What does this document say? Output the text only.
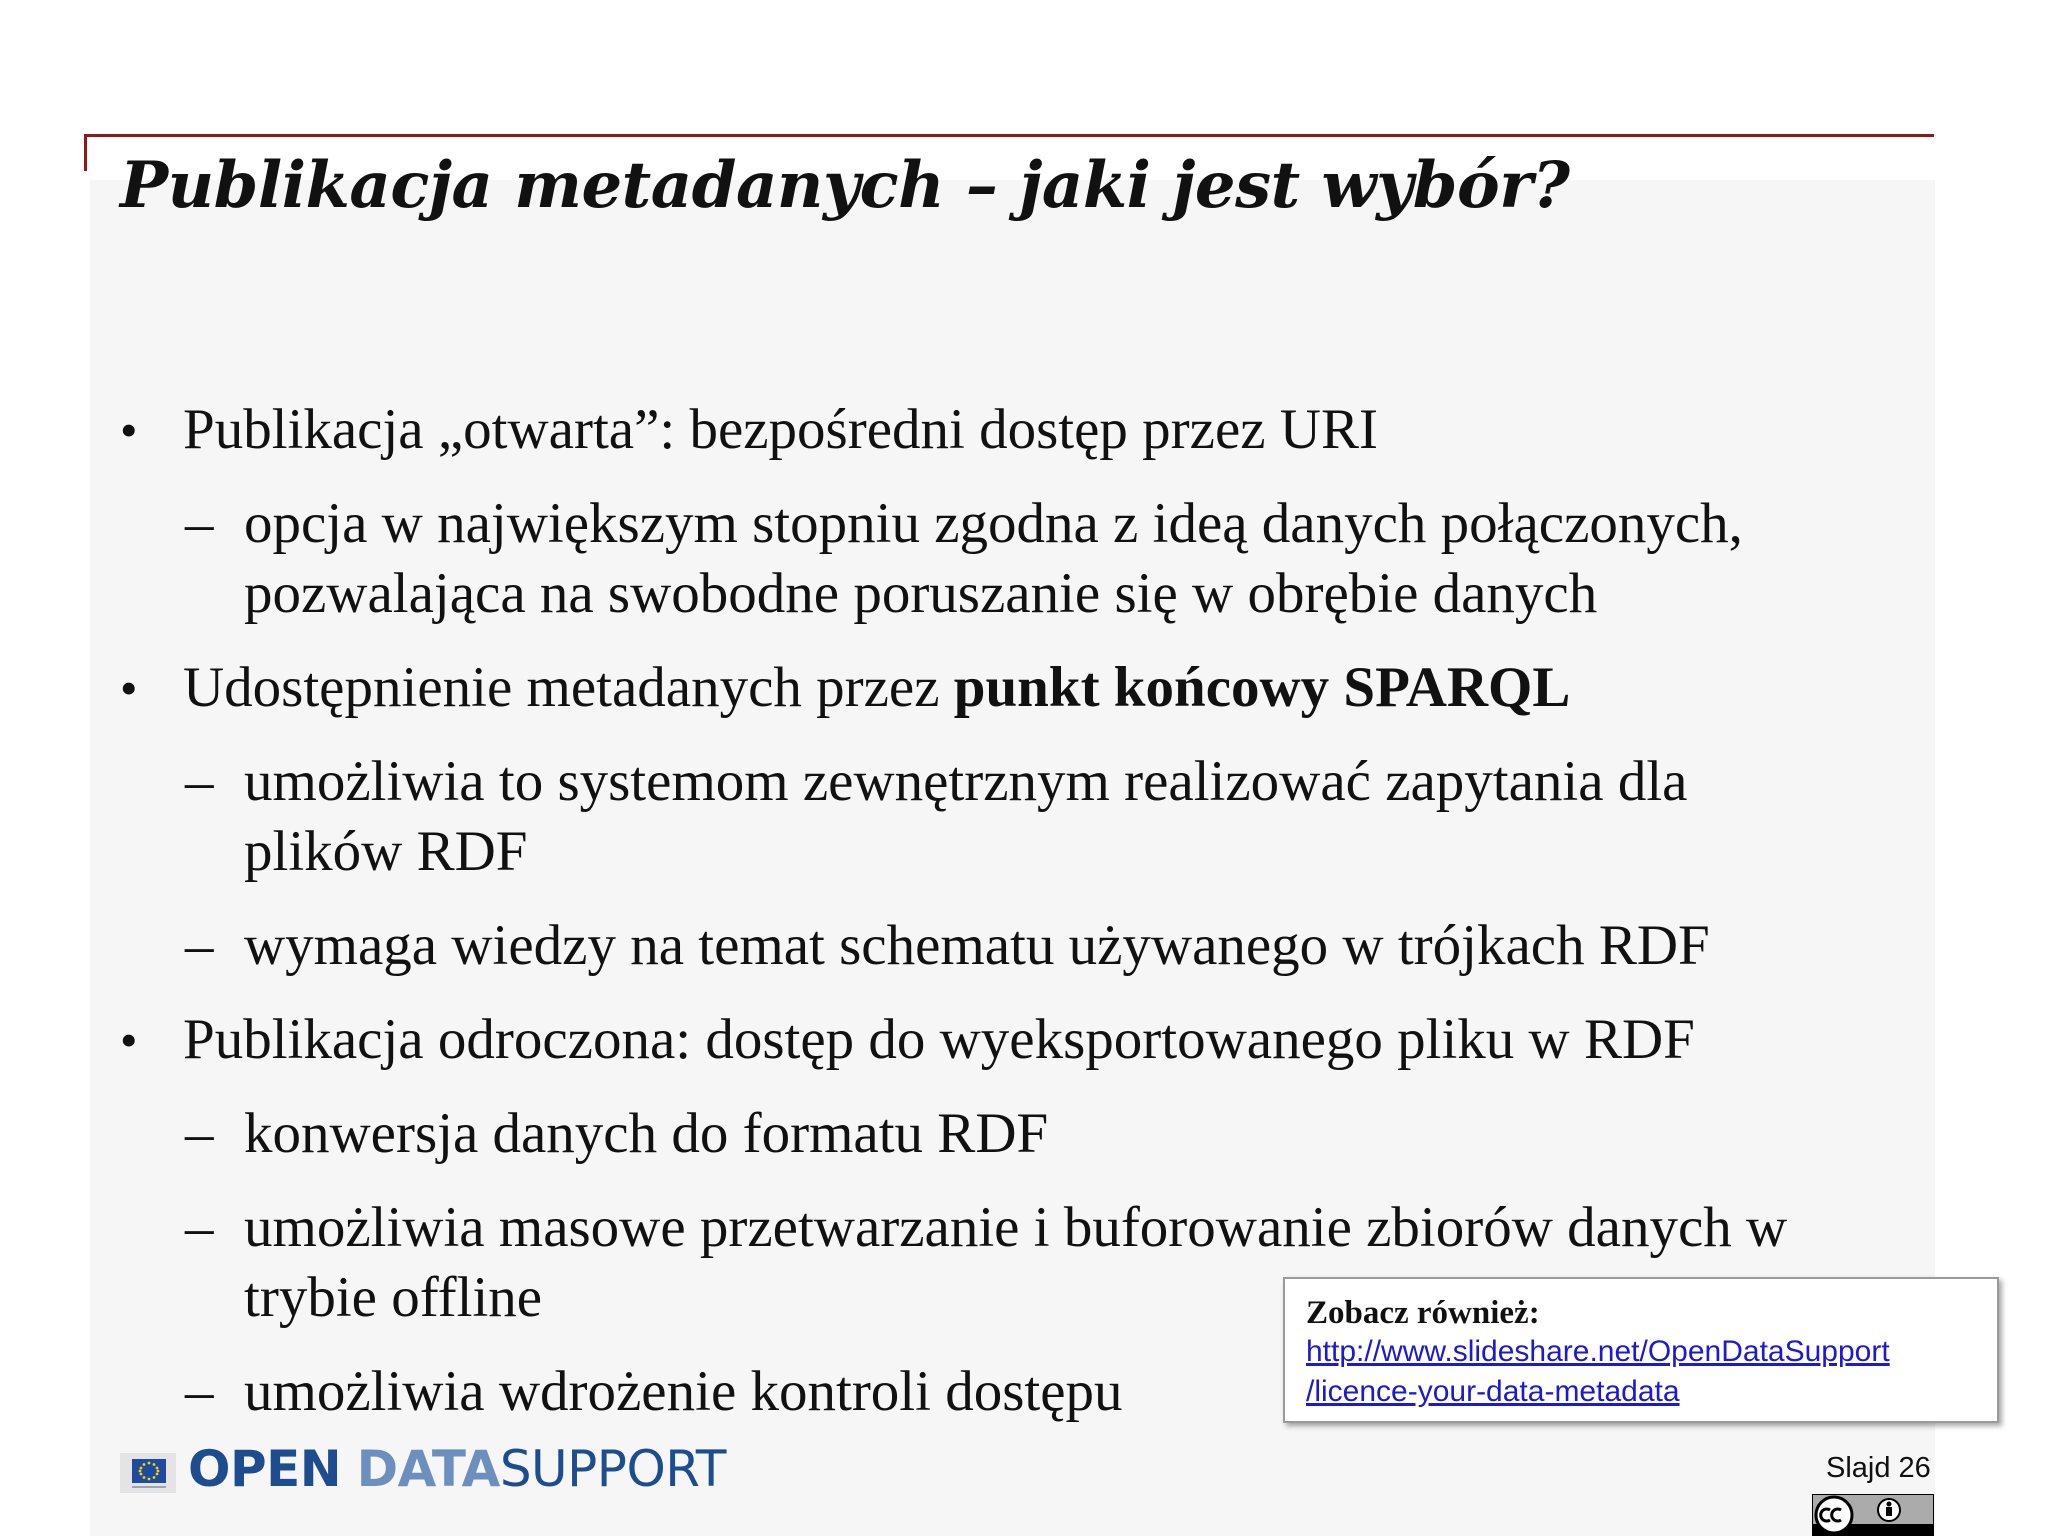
Publikacja metadanych – jaki jest wybór?
• Publikacja „otwarta”: bezpośredni dostęp przez URI
– opcja w największym stopniu zgodna z ideą danych połączonych,
pozwalająca na swobodne poruszanie się w obrębie danych
• Udostępnienie metadanych przez punkt końcowy SPARQL
– umożliwia to systemom zewnętrznym realizować zapytania dla
plików RDF
– wymaga wiedzy na temat schematu używanego w trójkach RDF
• Publikacja odroczona: dostęp do wyeksportowanego pliku w RDF
– konwersja danych do formatu RDF
– umożliwia masowe przetwarzanie i buforowanie zbiorów danych w
trybie offline
– umożliwia wdrożenie kontroli dostępu
Zobacz również:
http://www.slideshare.net/OpenDataSupport
/licence-your-data-metadata
OPEN DATASUPPORT	Slajd 26
